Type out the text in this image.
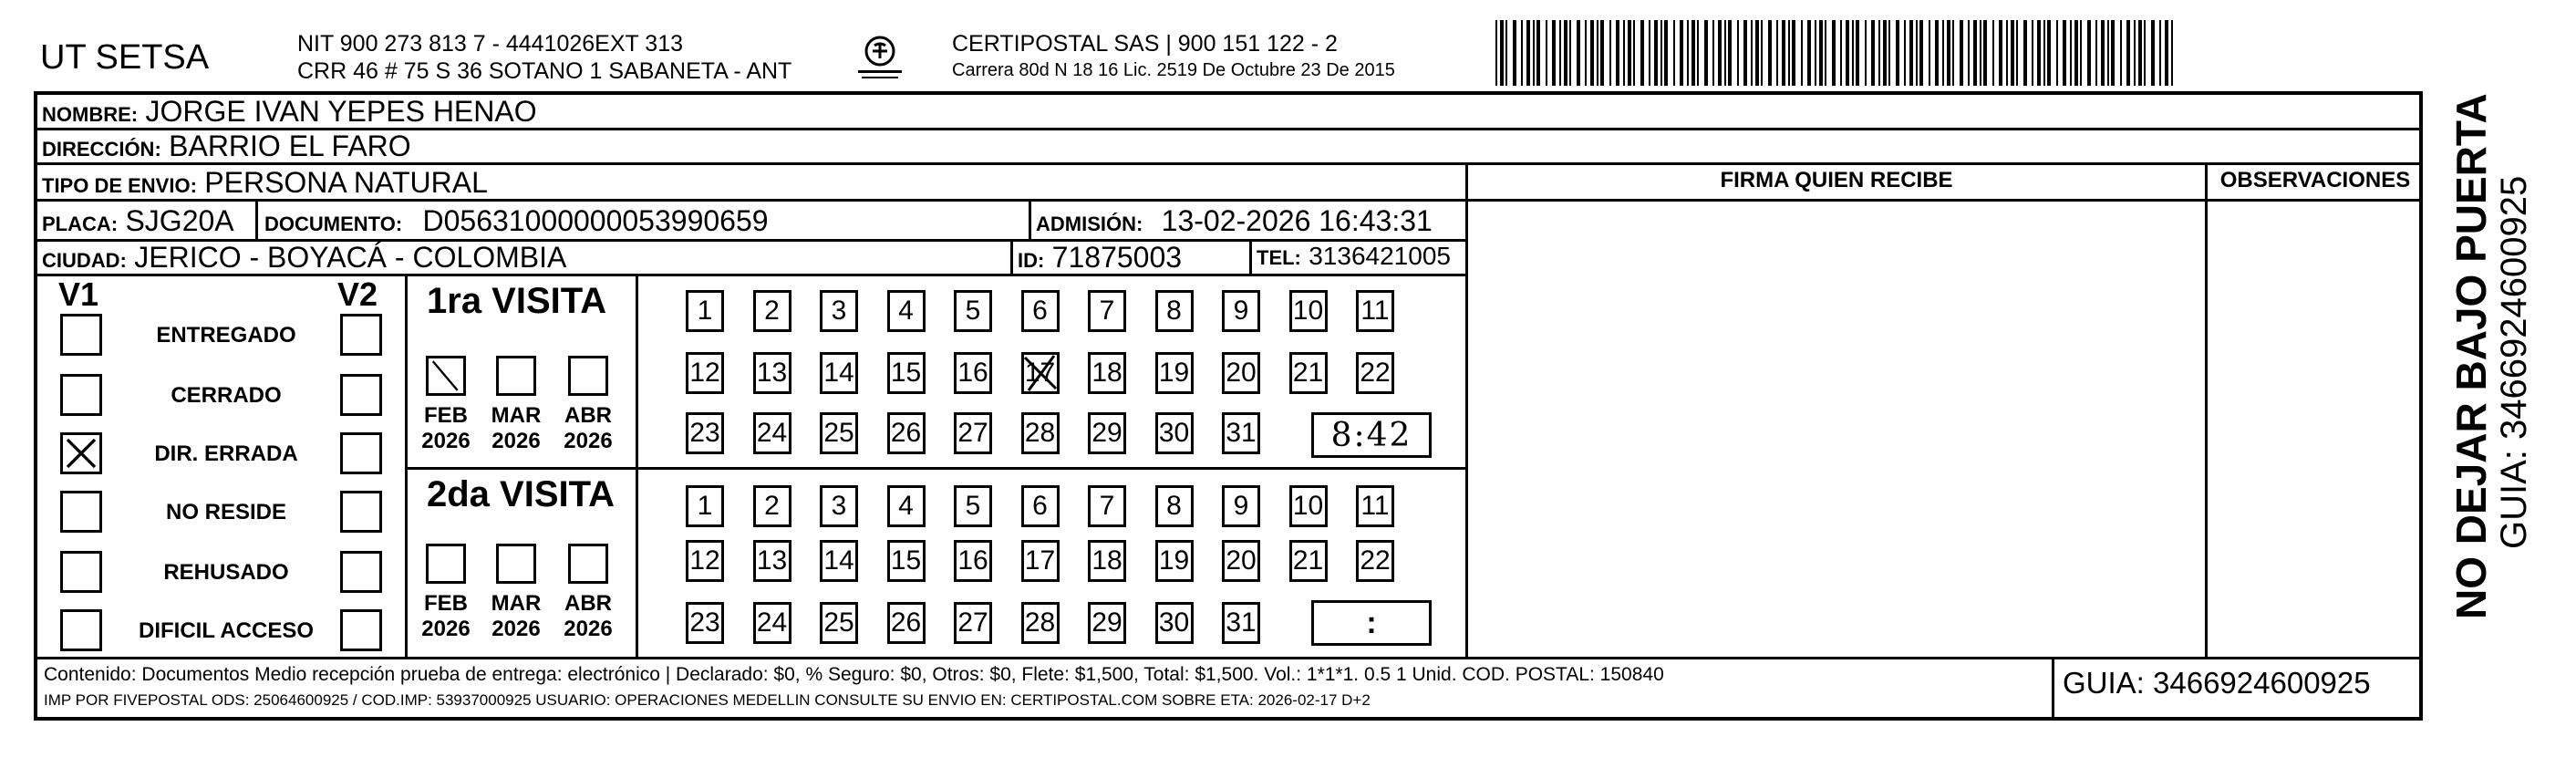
UT SETSA	NIT 900 273 813 7 - 4441026EXT 313
CRR 46 # 75 S 36 SOTANO 1 SABANETA - ANT
CERTIPOSTAL SAS | 900 151 122 - 2
Carrera 80d N 18 16 Lic. 2519 De Octubre 23 De 2015
NOMBRE: JORGE IVAN YEPES HENAO
DIRECCIÓN: BARRIO EL FARO
TIPO DE ENVIO: PERSONA NATURAL
PLACA: SJG20A DOCUMENTO: D05631000000053990659	ADMISIÓN: 13-02-2026 16:43:31
CIUDAD: JERICO - BOYACÁ - COLOMBIA	ID: 71875003	TEL: 3136421005
FIRMA QUIEN RECIBE	OBSERVACIONES
V1	V2
ENTREGADO
CERRADO
DIR. ERRADA
NO RESIDE
REHUSADO
DIFICIL ACCESO
1ra VISITA
2da VISITA
FEB
2026
MAR
2026
ABR
2026
FEB
2026
MAR
2026
ABR
2026
1 2 3 4 5 6 7 8 9 10 11
12 13 14 15 16 17 18 19 20 21 22
23 24 25 26 27 28 29 30 31
1 2 3 4 5 6 7 8 9 10 11
12 13 14 15 16 17 18 19 20 21 22
23 24 25 26 27 28 29 30 31
8:42
:
Contenido: Documentos Medio recepción prueba de entrega: electrónico | Declarado: $0, % Seguro: $0, Otros: $0, Flete: $1,500, Total: $1,500. Vol.: 1*1*1. 0.5 1 Unid. COD. POSTAL: 150840
IMP POR FIVEPOSTAL ODS: 25064600925 / COD.IMP: 53937000925 USUARIO: OPERACIONES MEDELLIN CONSULTE SU ENVIO EN: CERTIPOSTAL.COM SOBRE ETA: 2026-02-17 D+2
GUIA: 3466924600925
NO DEJAR BAJO PUERTA GUIA: 3466924600925
